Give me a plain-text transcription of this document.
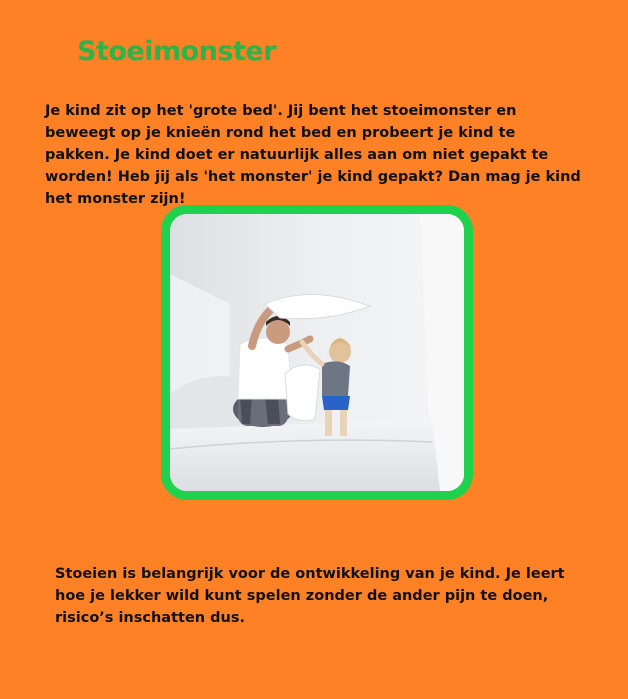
Stoeimonster

Je kind zit op het 'grote bed'. Jij bent het stoeimonster en beweegt op je knieën rond het bed en probeert je kind te pakken. Je kind doet er natuurlijk alles aan om niet gepakt te worden! Heb jij als 'het monster' je kind gepakt? Dan mag je kind het monster zijn!

Stoeien is belangrijk voor de ontwikkeling van je kind. Je leert hoe je lekker wild kunt spelen zonder de ander pijn te doen, risico’s inschatten dus.
